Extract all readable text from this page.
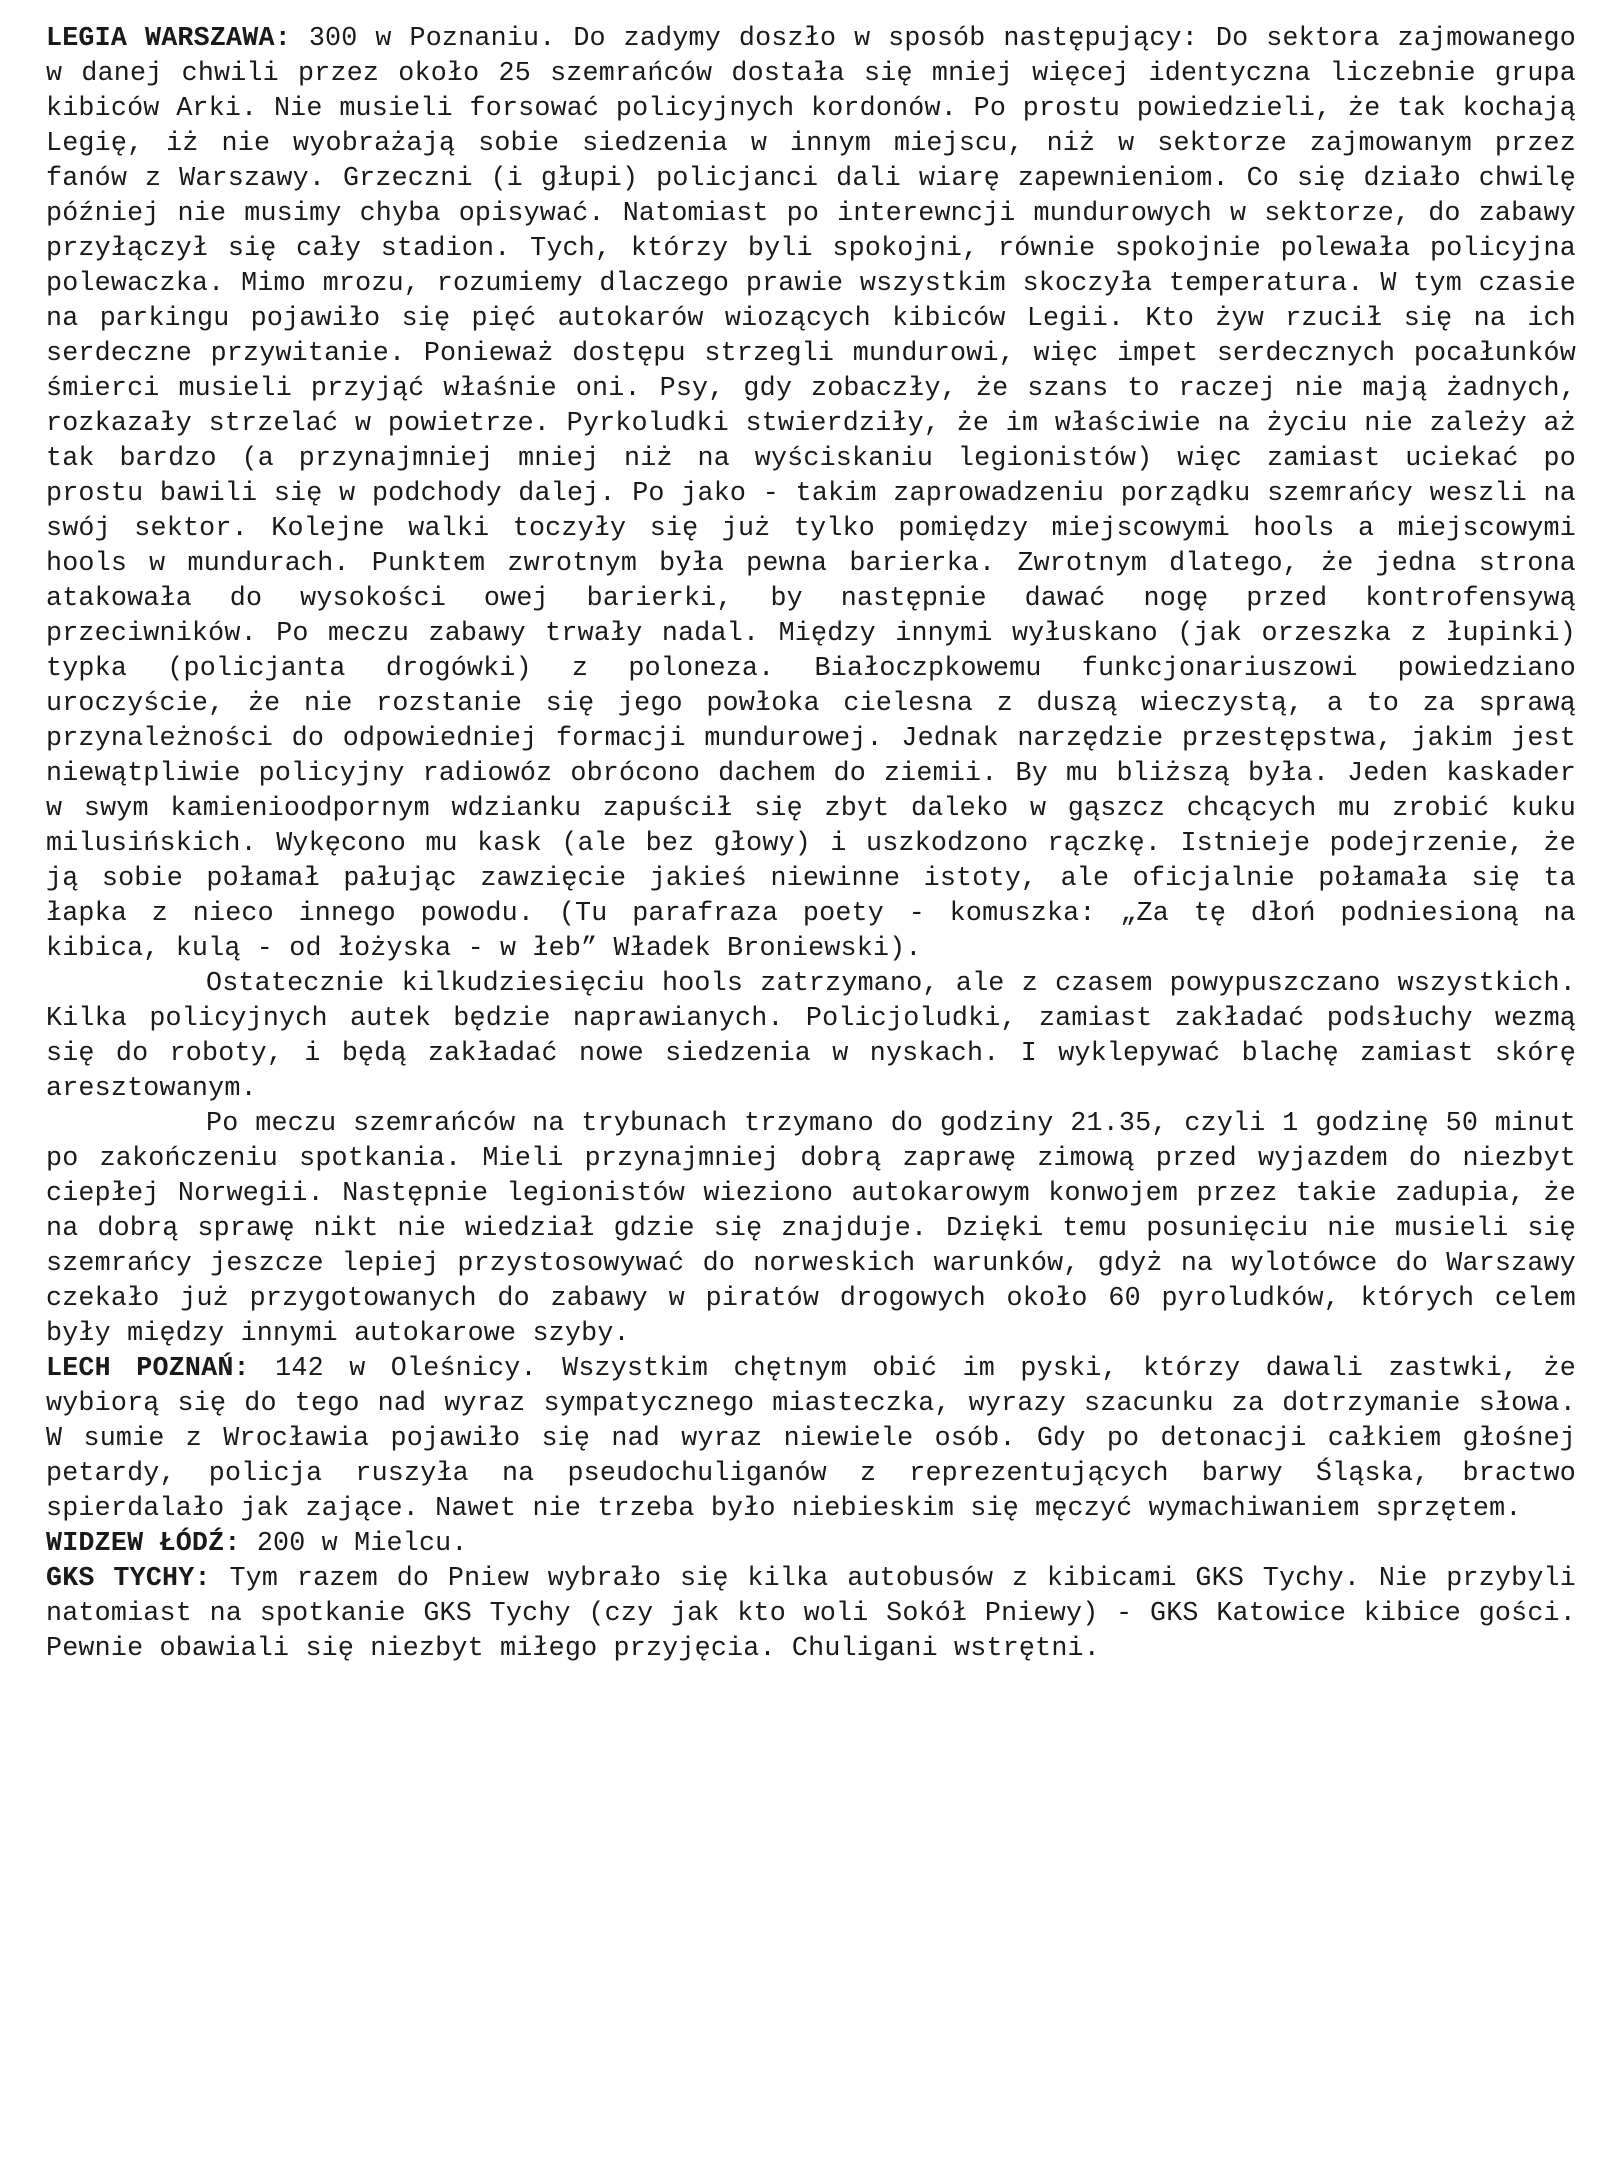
LEGIA WARSZAWA: 300 w Poznaniu. Do zadymy doszło w sposób następujący: Do sektora zajmowanego w danej chwili przez około 25 szemrańców dostała się mniej więcej identyczna liczebnie grupa kibiców Arki. Nie musieli forsować policyjnych kordonów. Po prostu powiedzieli, że tak kochają Legię, iż nie wyobrażają sobie siedzenia w innym miejscu, niż w sektorze zajmowanym przez fanów z Warszawy. Grzeczni (i głupi) policjanci dali wiarę zapewnieniom. Co się działo chwilę później nie musimy chyba opisywać. Natomiast po interewncji mundurowych w sektorze, do zabawy przyłączył się cały stadion. Tych, którzy byli spokojni, równie spokojnie polewała policyjna polewaczka. Mimo mrozu, rozumiemy dlaczego prawie wszystkim skoczyła temperatura. W tym czasie na parkingu pojawiło się pięć autokarów wiozących kibiców Legii. Kto żyw rzucił się na ich serdeczne przywitanie. Ponieważ dostępu strzegli mundurowi, więc impet serdecznych pocałunków śmierci musieli przyjąć właśnie oni. Psy, gdy zobaczły, że szans to raczej nie mają żadnych, rozkazały strzelać w powietrze. Pyrkoludki stwierdziły, że im właściwie na życiu nie zależy aż tak bardzo (a przynajmniej mniej niż na wyściskaniu legionistów) więc zamiast uciekać po prostu bawili się w podchody dalej. Po jako - takim zaprowadzeniu porządku szemrańcy weszli na swój sektor. Kolejne walki toczyły się już tylko pomiędzy miejscowymi hools a miejscowymi hools w mundurach. Punktem zwrotnym była pewna barierka. Zwrotnym dlatego, że jedna strona atakowała do wysokości owej barierki, by następnie dawać nogę przed kontrofensywą przeciwników. Po meczu zabawy trwały nadal. Między innymi wyłuskano (jak orzeszka z łupinki) typka (policjanta drogówki) z poloneza. Białoczpkowemu funkcjonariuszowi powiedziano uroczyście, że nie rozstanie się jego powłoka cielesna z duszą wieczystą, a to za sprawą przynależności do odpowiedniej formacji mundurowej. Jednak narzędzie przestępstwa, jakim jest niewątpliwie policyjny radiowóz obrócono dachem do ziemii. By mu bliższą była. Jeden kaskader w swym kamienioodpornym wdzianku zapuścił się zbyt daleko w gąszcz chcących mu zrobić kuku milusińskich. Wykęcono mu kask (ale bez głowy) i uszkodzono rączkę. Istnieje podejrzenie, że ją sobie połamał pałując zawzięcie jakieś niewinne istoty, ale oficjalnie połamała się ta łapka z nieco innego powodu. (Tu parafraza poety - komuszka: „Za tę dłoń podniesioną na kibica, kulą - od łożyska - w łeb” Władek Broniewski).

Ostatecznie kilkudziesięciu hools zatrzymano, ale z czasem powypuszczano wszystkich. Kilka policyjnych autek będzie naprawianych. Policjoludki, zamiast zakładać podsłuchy wezmą się do roboty, i będą zakładać nowe siedzenia w nyskach. I wyklepywać blachę zamiast skórę aresztowanym.

Po meczu szemrańców na trybunach trzymano do godziny 21.35, czyli 1 godzinę 50 minut po zakończeniu spotkania. Mieli przynajmniej dobrą zaprawę zimową przed wyjazdem do niezbyt ciepłej Norwegii. Następnie legionistów wieziono autokarowym konwojem przez takie zadupia, że na dobrą sprawę nikt nie wiedział gdzie się znajduje. Dzięki temu posunięciu nie musieli się szemrańcy jeszcze lepiej przystosowywać do norweskich warunków, gdyż na wylotówce do Warszawy czekało już przygotowanych do zabawy w piratów drogowych około 60 pyroludków, których celem były między innymi autokarowe szyby.

LECH POZNAŃ: 142 w Oleśnicy. Wszystkim chętnym obić im pyski, którzy dawali zastwki, że wybiorą się do tego nad wyraz sympatycznego miasteczka, wyrazy szacunku za dotrzymanie słowa. W sumie z Wrocławia pojawiło się nad wyraz niewiele osób. Gdy po detonacji całkiem głośnej petardy, policja ruszyła na pseudochuliganów z reprezentujących barwy Śląska, bractwo spierdalało jak zające. Nawet nie trzeba było niebieskim się męczyć wymachiwaniem sprzętem.

WIDZEW ŁÓDŹ: 200 w Mielcu.

GKS TYCHY: Tym razem do Pniew wybrało się kilka autobusów z kibicami GKS Tychy. Nie przybyli natomiast na spotkanie GKS Tychy (czy jak kto woli Sokół Pniewy) - GKS Katowice kibice gości. Pewnie obawiali się niezbyt miłego przyjęcia. Chuligani wstrętni.
